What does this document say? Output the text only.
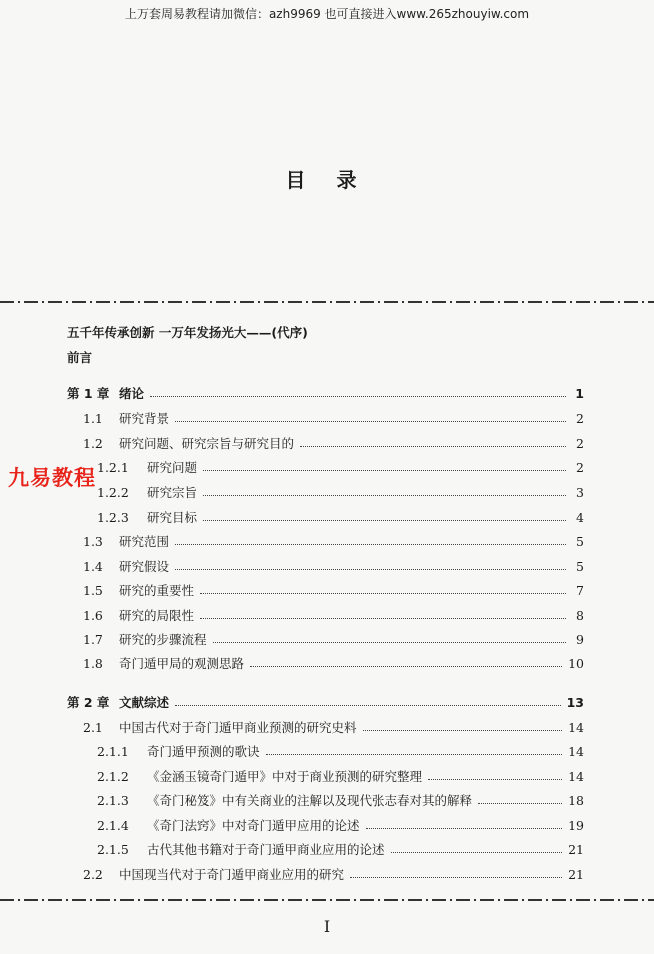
上万套周易教程请加微信：azh9969 也可直接进入www.265zhouyiw.com
目 录
五千年传承创新 一万年发扬光大——(代序)
前言
第 1 章 绪论	1
1.1	研究背景	2
1.2	研究问题、研究宗旨与研究目的	2
1.2.1	研究问题	2
1.2.2	研究宗旨	3
1.2.3	研究目标	4
1.3	研究范围	5
1.4	研究假设	5
1.5	研究的重要性	7
1.6	研究的局限性	8
1.7	研究的步骤流程	9
1.8	奇门遁甲局的观测思路	10
第 2 章 文献综述	13
2.1	中国古代对于奇门遁甲商业预测的研究史料	14
2.1.1	奇门遁甲预测的歌诀	14
2.1.2	《金涵玉镜奇门遁甲》中对于商业预测的研究整理	14
2.1.3	《奇门秘笈》中有关商业的注解以及现代张志春对其的解释	18
2.1.4	《奇门法窍》中对奇门遁甲应用的论述	19
2.1.5	古代其他书籍对于奇门遁甲商业应用的论述	21
2.2	中国现当代对于奇门遁甲商业应用的研究	21
九易教程
I
